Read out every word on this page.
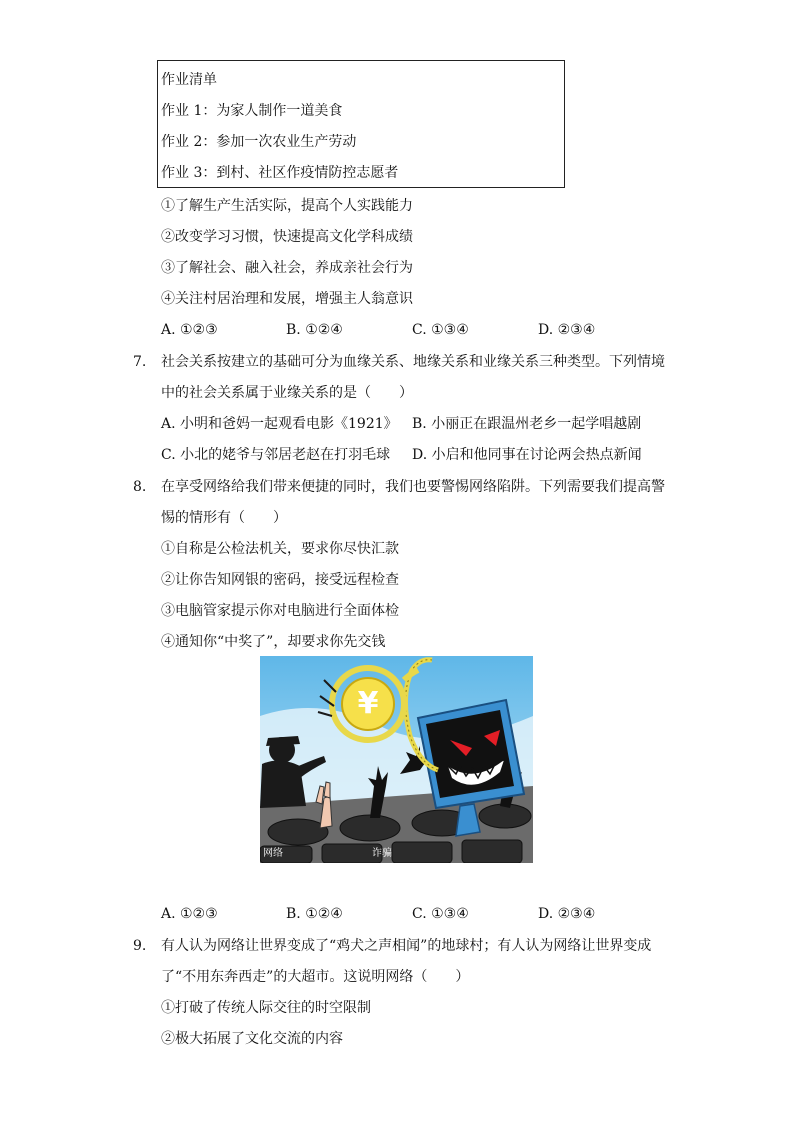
作业清单
作业 1：为家人制作一道美食
作业 2：参加一次农业生产劳动
作业 3：到村、社区作疫情防控志愿者
①了解生产生活实际，提高个人实践能力
②改变学习习惯，快速提高文化学科成绩
③了解社会、融入社会，养成亲社会行为
④关注村居治理和发展，增强主人翁意识
A. ①②③	B. ①②④	C. ①③④	D. ②③④
7. 社会关系按建立的基础可分为血缘关系、地缘关系和业缘关系三种类型。下列情境
中的社会关系属于业缘关系的是（　　）
A. 小明和爸妈一起观看电影《1921》 B. 小丽正在跟温州老乡一起学唱越剧
C. 小北的姥爷与邻居老赵在打羽毛球 D. 小启和他同事在讨论两会热点新闻
8. 在享受网络给我们带来便捷的同时，我们也要警惕网络陷阱。下列需要我们提高警
惕的情形有（　　）
①自称是公检法机关，要求你尽快汇款
②让你告知网银的密码，接受远程检查
③电脑管家提示你对电脑进行全面体检
④通知你“中奖了”，却要求你先交钱
¥
网络	诈骗
A. ①②③	B. ①②④	C. ①③④	D. ②③④
9. 有人认为网络让世界变成了“鸡犬之声相闻”的地球村；有人认为网络让世界变成
了“不用东奔西走”的大超市。这说明网络（　　）
①打破了传统人际交往的时空限制
②极大拓展了文化交流的内容
